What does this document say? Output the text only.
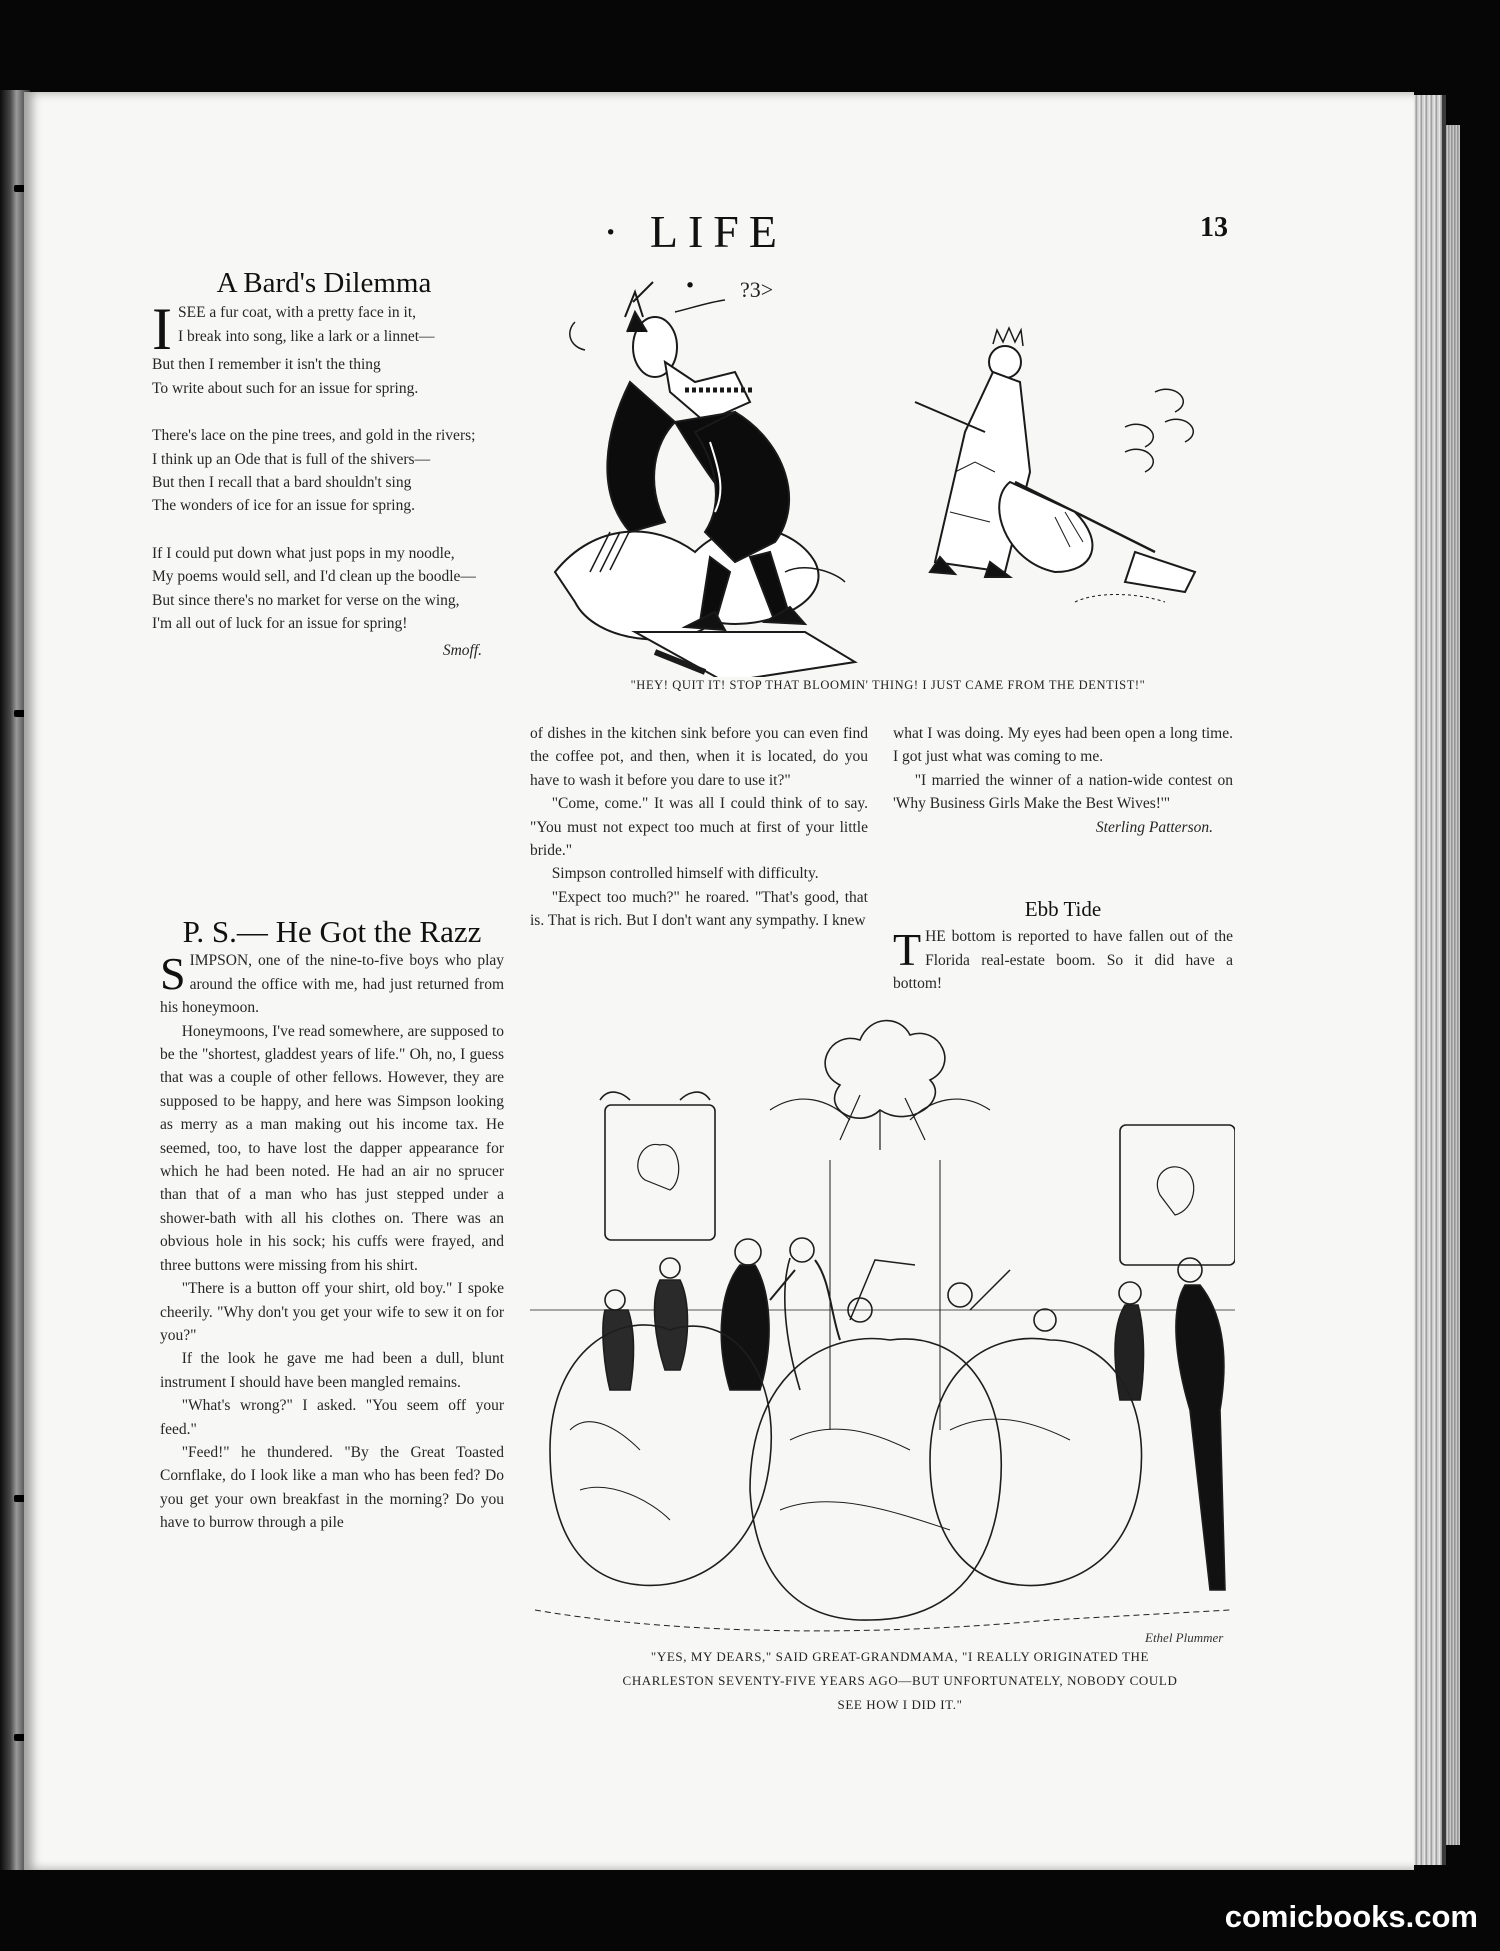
· LIFE ·
13
A Bard's Dilemma
I SEE a fur coat, with a pretty face in it,

I break into song, like a lark or a linnet—

But then I remember it isn't the thing

To write about such for an issue for spring.

There's lace on the pine trees, and gold in the rivers;

I think up an Ode that is full of the shivers—

But then I recall that a bard shouldn't sing

The wonders of ice for an issue for spring.

If I could put down what just pops in my noodle,

My poems would sell, and I'd clean up the boodle—

But since there's no market for verse on the wing,

I'm all out of luck for an issue for spring!

Smoff.
P. S.— He Got the Razz

SIMPSON, one of the nine-to-five boys who play around the office with me, had just returned from his honeymoon.

Honeymoons, I've read somewhere, are supposed to be the "shortest, gladdest years of life." Oh, no, I guess that was a couple of other fellows. However, they are supposed to be happy, and here was Simpson looking as merry as a man making out his income tax. He seemed, too, to have lost the dapper appearance for which he had been noted. He had an air no sprucer than that of a man who has just stepped under a shower-bath with all his clothes on. There was an obvious hole in his sock; his cuffs were frayed, and three buttons were missing from his shirt.

"There is a button off your shirt, old boy." I spoke cheerily. "Why don't you get your wife to sew it on for you?"

If the look he gave me had been a dull, blunt instrument I should have been mangled remains.

"What's wrong?" I asked. "You seem off your feed."

"Feed!" he thundered. "By the Great Toasted Cornflake, do I look like a man who has been fed? Do you get your own breakfast in the morning? Do you have to burrow through a pile

of dishes in the kitchen sink before you can even find the coffee pot, and then, when it is located, do you have to wash it before you dare to use it?"

"Come, come." It was all I could think of to say. "You must not expect too much at first of your little bride."

Simpson controlled himself with difficulty.

"Expect too much?" he roared. "That's good, that is. That is rich. But I don't want any sympathy. I knew

what I was doing. My eyes had been open a long time. I got just what was coming to me.

"I married the winner of a nation-wide contest on 'Why Business Girls Make the Best Wives!'"

Sterling Patterson.
Ebb Tide

THE bottom is reported to have fallen out of the Florida real-estate boom. So it did have a bottom!

?3>
"HEY! QUIT IT! STOP THAT BLOOMIN' THING! I JUST CAME FROM THE DENTIST!"
Ethel Plummer
"YES, MY DEARS," SAID GREAT-GRANDMAMA, "I REALLY ORIGINATED THE
CHARLESTON SEVENTY-FIVE YEARS AGO—BUT UNFORTUNATELY, NOBODY COULD
SEE HOW I DID IT."
comicbooks.com
